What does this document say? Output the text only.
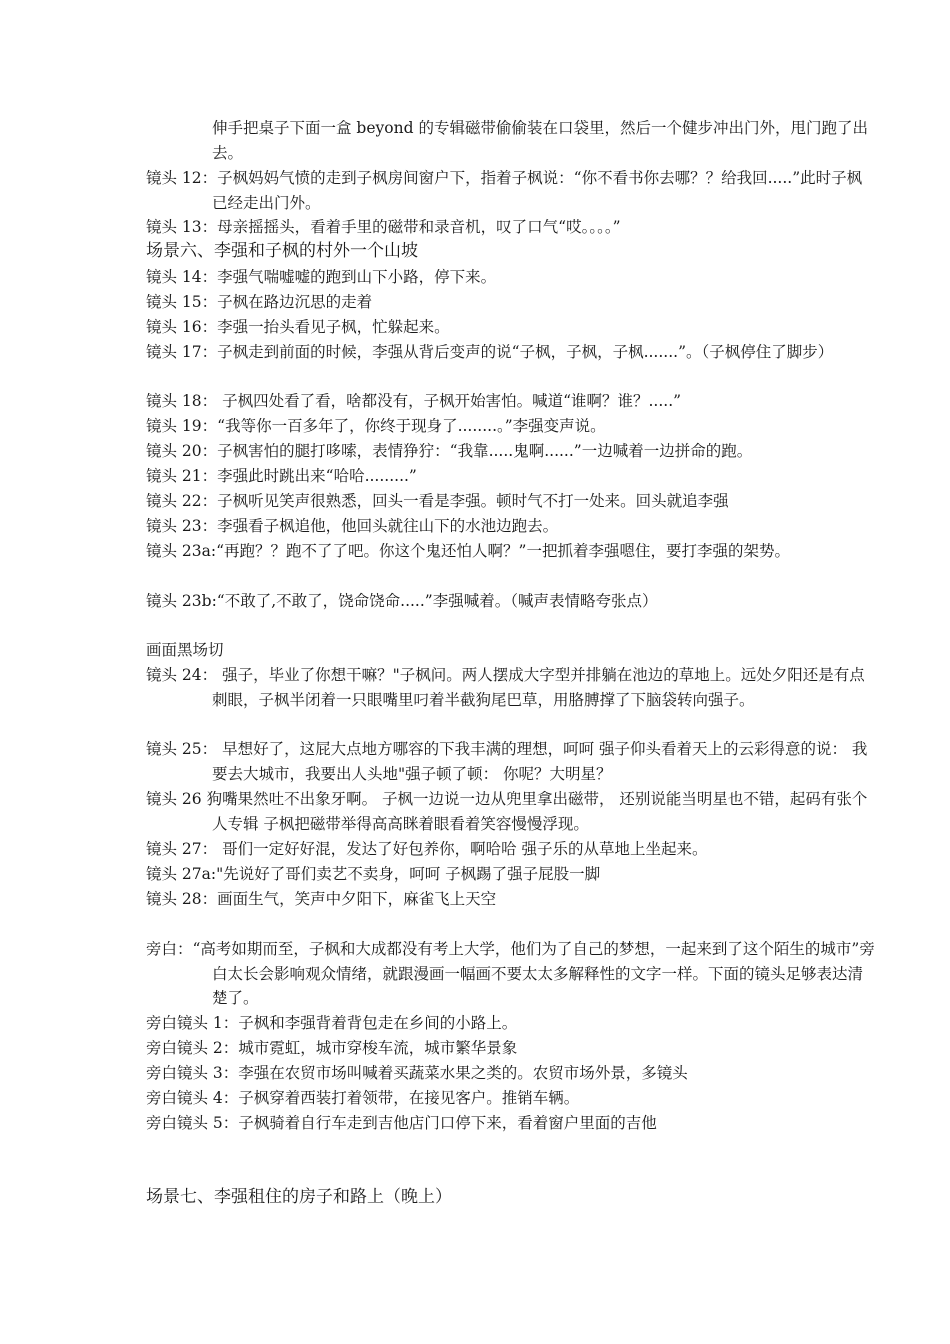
伸手把桌子下面一盒 beyond 的专辑磁带偷偷装在口袋里，然后一个健步冲出门外，甩门跑了出去。
镜头 12：子枫妈妈气愤的走到子枫房间窗户下，指着子枫说：“你不看书你去哪？？给我回.....”此时子枫已经走出门外。
镜头 13：母亲摇摇头，看着手里的磁带和录音机，叹了口气“哎。。。。”
场景六、李强和子枫的村外一个山坡
镜头 14：李强气喘嘘嘘的跑到山下小路，停下来。
镜头 15：子枫在路边沉思的走着
镜头 16：李强一抬头看见子枫，忙躲起来。
镜头 17：子枫走到前面的时候，李强从背后变声的说“子枫，子枫，子枫.......”。（子枫停住了脚步）
镜头 18： 子枫四处看了看，啥都没有，子枫开始害怕。喊道“谁啊？谁？.....”
镜头 19：“我等你一百多年了，你终于现身了........。”李强变声说。
镜头 20：子枫害怕的腿打哆嗦，表情狰狞：“我靠.....鬼啊......”一边喊着一边拼命的跑。
镜头 21：李强此时跳出来“哈哈.........”
镜头 22：子枫听见笑声很熟悉，回头一看是李强。顿时气不打一处来。回头就追李强
镜头 23：李强看子枫追他，他回头就往山下的水池边跑去。
镜头 23a:“再跑？？跑不了了吧。你这个鬼还怕人啊？”一把抓着李强嗯住，要打李强的架势。
镜头 23b:“不敢了,不敢了，饶命饶命.....”李强喊着。（喊声表情略夸张点）
画面黑场切
镜头 24： 强子，毕业了你想干嘛？"子枫问。两人摆成大字型并排躺在池边的草地上。远处夕阳还是有点刺眼，子枫半闭着一只眼嘴里叼着半截狗尾巴草，用胳膊撑了下脑袋转向强子。
镜头 25： 早想好了，这屁大点地方哪容的下我丰满的理想，呵呵 强子仰头看着天上的云彩得意的说： 我要去大城市，我要出人头地"强子顿了顿： 你呢？大明星？
镜头 26 狗嘴果然吐不出象牙啊。 子枫一边说一边从兜里拿出磁带， 还别说能当明星也不错，起码有张个人专辑 子枫把磁带举得高高眯着眼看着笑容慢慢浮现。
镜头 27： 哥们一定好好混，发达了好包养你，啊哈哈 强子乐的从草地上坐起来。
镜头 27a:"先说好了哥们卖艺不卖身，呵呵 子枫踢了强子屁股一脚
镜头 28：画面生气，笑声中夕阳下，麻雀飞上天空
旁白：“高考如期而至，子枫和大成都没有考上大学，他们为了自己的梦想，一起来到了这个陌生的城市”旁白太长会影响观众情绪，就跟漫画一幅画不要太太多解释性的文字一样。下面的镜头足够表达清楚了。
旁白镜头 1：子枫和李强背着背包走在乡间的小路上。
旁白镜头 2：城市霓虹，城市穿梭车流，城市繁华景象
旁白镜头 3：李强在农贸市场叫喊着买蔬菜水果之类的。农贸市场外景，多镜头
旁白镜头 4：子枫穿着西装打着领带，在接见客户。推销车辆。
旁白镜头 5：子枫骑着自行车走到吉他店门口停下来，看着窗户里面的吉他
场景七、李强租住的房子和路上（晚上）
